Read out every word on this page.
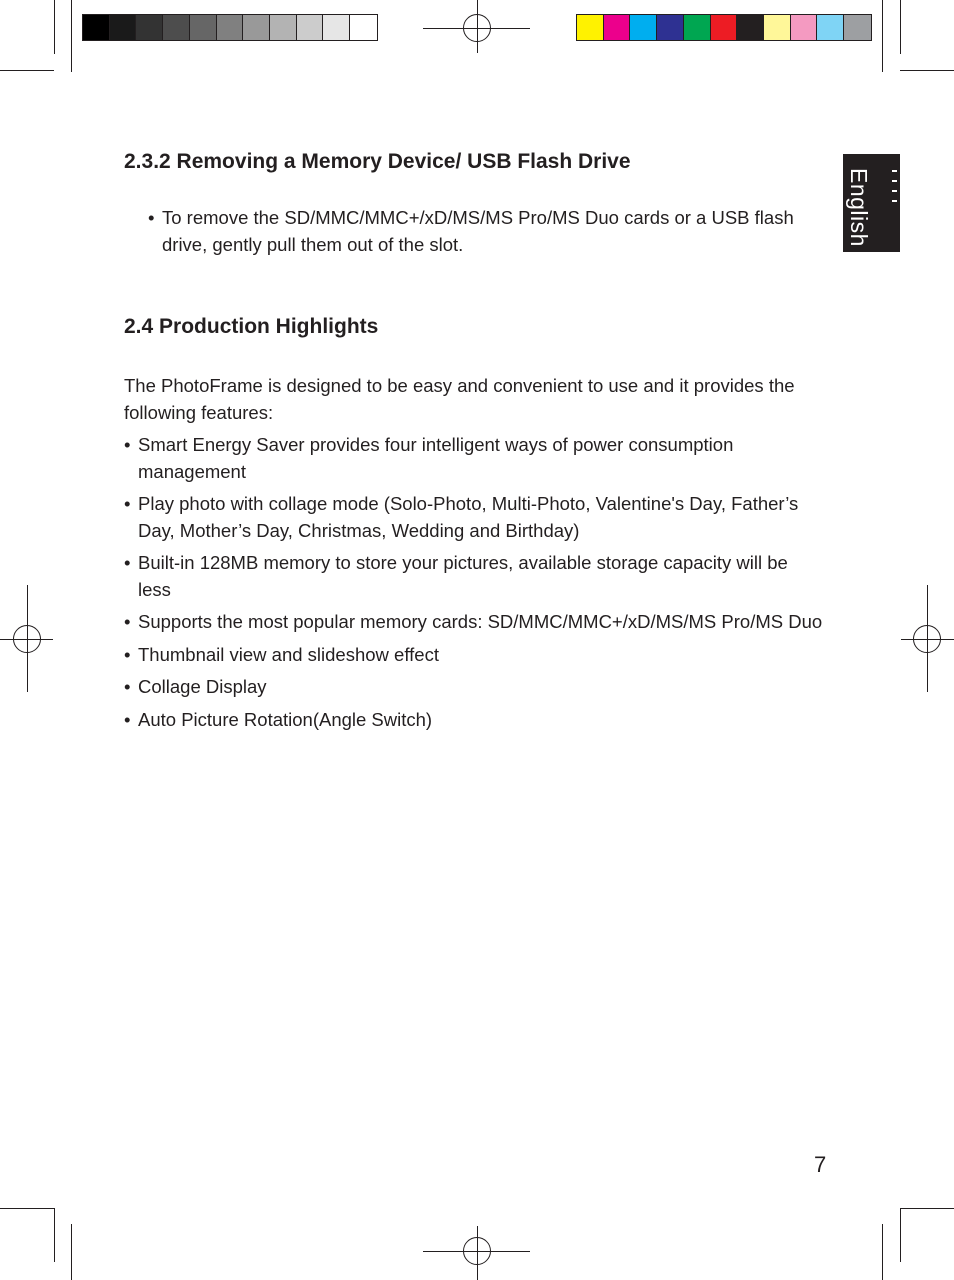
English
2.3.2 Removing a Memory Device/ USB Flash Drive
• To remove the SD/MMC/MMC+/xD/MS/MS Pro/MS Duo cards or a USB flash drive, gently pull them out of the slot.
2.4 Production Highlights

The PhotoFrame is designed to be easy and convenient to use and it provides the following features:

• Smart Energy Saver provides four intelligent ways of power consumption management
• Play photo with collage mode (Solo-Photo, Multi-Photo, Valentine's Day, Father’s Day, Mother’s Day, Christmas, Wedding and Birthday)
• Built-in 128MB memory to store your pictures, available storage capacity will be less
• Supports the most popular memory cards: SD/MMC/MMC+/xD/MS/MS Pro/MS Duo
• Thumbnail view and slideshow effect
• Collage Display
• Auto Picture Rotation(Angle Switch)
7
